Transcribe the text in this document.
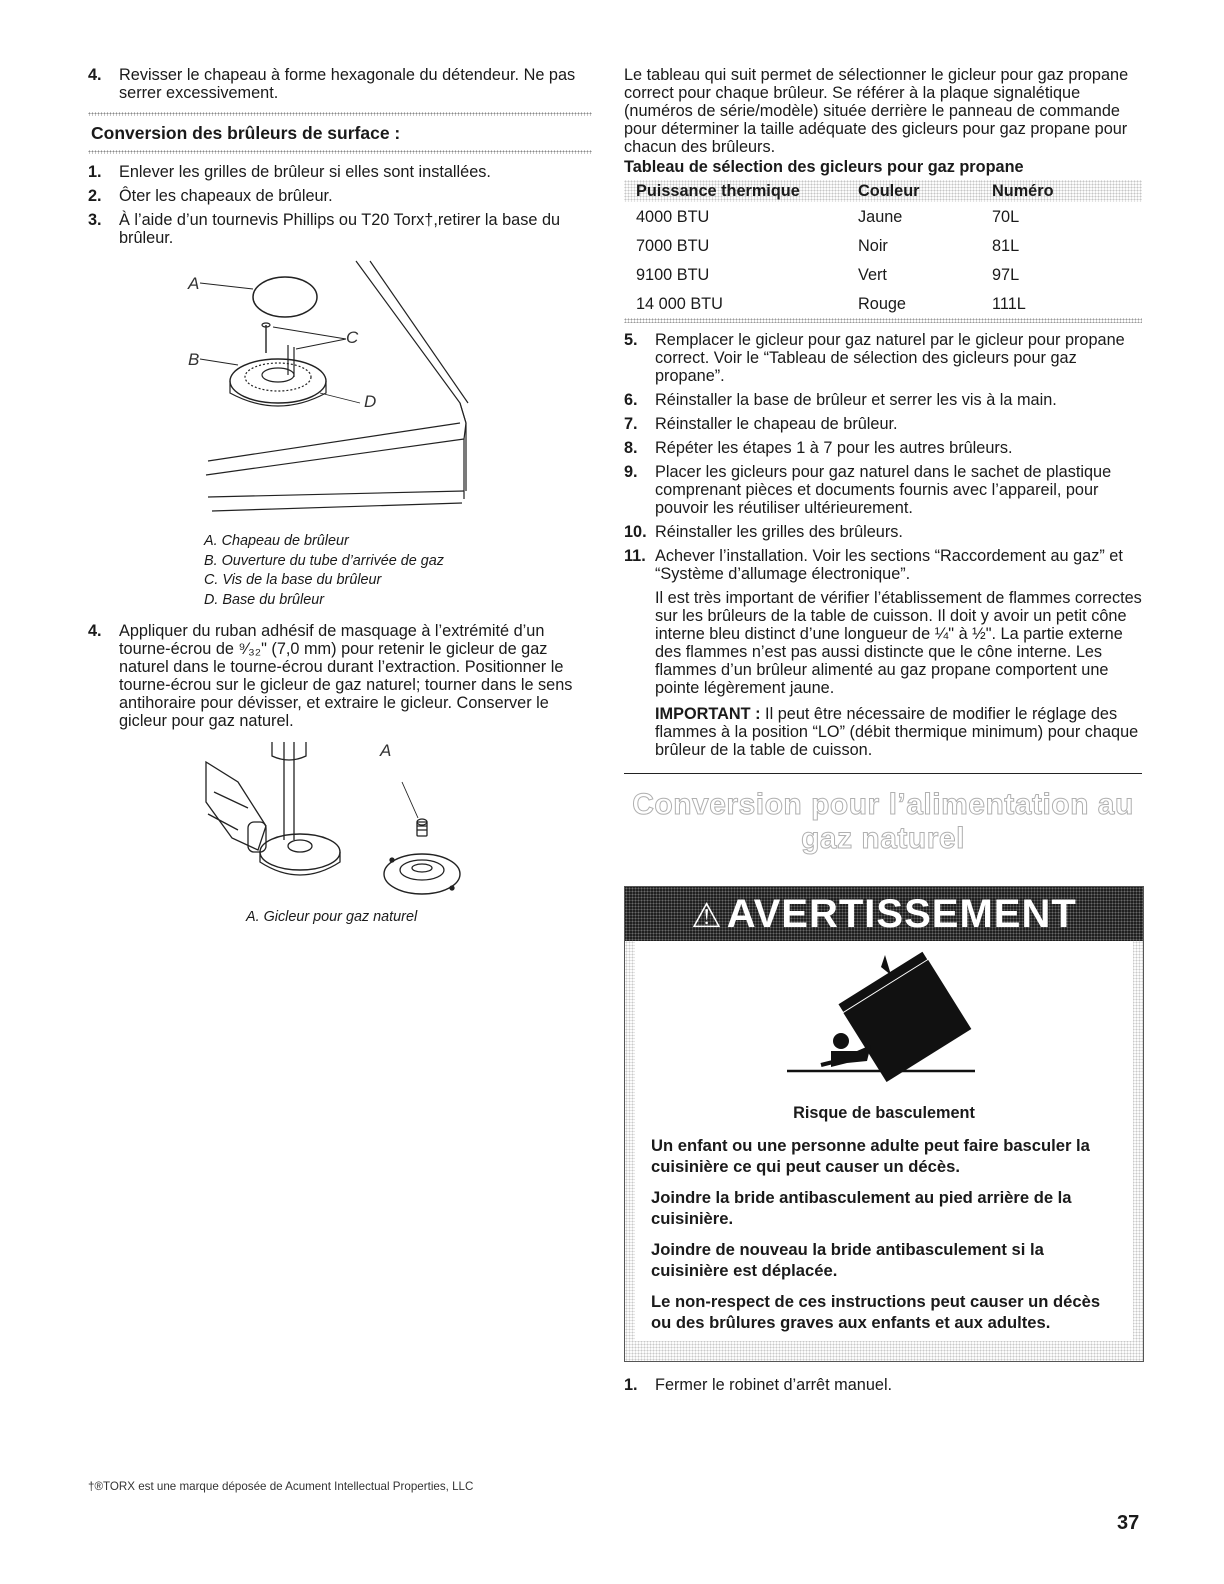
4. Revisser le chapeau à forme hexagonale du détendeur. Ne pas serrer excessivement.
Conversion des brûleurs de surface :
1. Enlever les grilles de brûleur si elles sont installées.
2. Ôter les chapeaux de brûleur.
3. À l’aide d’un tournevis Phillips ou T20 Torx†,retirer la base du brûleur.
A
B
C
D
A. Chapeau de brûleur
B. Ouverture du tube d’arrivée de gaz
C. Vis de la base du brûleur
D. Base du brûleur
4. Appliquer du ruban adhésif de masquage à l’extrémité d’un tourne-écrou de ⁹⁄₃₂" (7,0 mm) pour retenir le gicleur de gaz naturel dans le tourne-écrou durant l’extraction. Positionner le tourne-écrou sur le gicleur de gaz naturel; tourner dans le sens antihoraire pour dévisser, et extraire le gicleur. Conserver le gicleur pour gaz naturel.
A
A. Gicleur pour gaz naturel
Le tableau qui suit permet de sélectionner le gicleur pour gaz propane correct pour chaque brûleur. Se référer à la plaque signalétique (numéros de série/modèle) située derrière le panneau de commande pour déterminer la taille adéquate des gicleurs pour gaz propane pour chacun des brûleurs.
Tableau de sélection des gicleurs pour gaz propane
Puissance thermique	Couleur	Numéro
4000 BTU	Jaune	70L
7000 BTU	Noir	81L
9100 BTU	Vert	97L
14 000 BTU	Rouge	111L
5. Remplacer le gicleur pour gaz naturel par le gicleur pour propane correct. Voir le “Tableau de sélection des gicleurs pour gaz propane”.
6. Réinstaller la base de brûleur et serrer les vis à la main.
7. Réinstaller le chapeau de brûleur.
8. Répéter les étapes 1 à 7 pour les autres brûleurs.
9. Placer les gicleurs pour gaz naturel dans le sachet de plastique comprenant pièces et documents fournis avec l’appareil, pour pouvoir les réutiliser ultérieurement.
10. Réinstaller les grilles des brûleurs.
11. Achever l’installation. Voir les sections “Raccordement au gaz” et “Système d’allumage électronique”.

Il est très important de vérifier l’établissement de flammes correctes sur les brûleurs de la table de cuisson. Il doit y avoir un petit cône interne bleu distinct d’une longueur de ¼" à ½". La partie externe des flammes n’est pas aussi distincte que le cône interne. Les flammes d’un brûleur alimenté au gaz propane comportent une pointe légèrement jaune.

IMPORTANT : Il peut être nécessaire de modifier le réglage des flammes à la position “LO” (débit thermique minimum) pour chaque brûleur de la table de cuisson.

Conversion pour l’alimentation au gaz naturel
⚠ AVERTISSEMENT
Risque de basculement

Un enfant ou une personne adulte peut faire basculer la cuisinière ce qui peut causer un décès.

Joindre la bride antibasculement au pied arrière de la cuisinière.

Joindre de nouveau la bride antibasculement si la cuisinière est déplacée.

Le non-respect de ces instructions peut causer un décès ou des brûlures graves aux enfants et aux adultes.

1. Fermer le robinet d’arrêt manuel.
†®TORX est une marque déposée de Acument Intellectual Properties, LLC
37
